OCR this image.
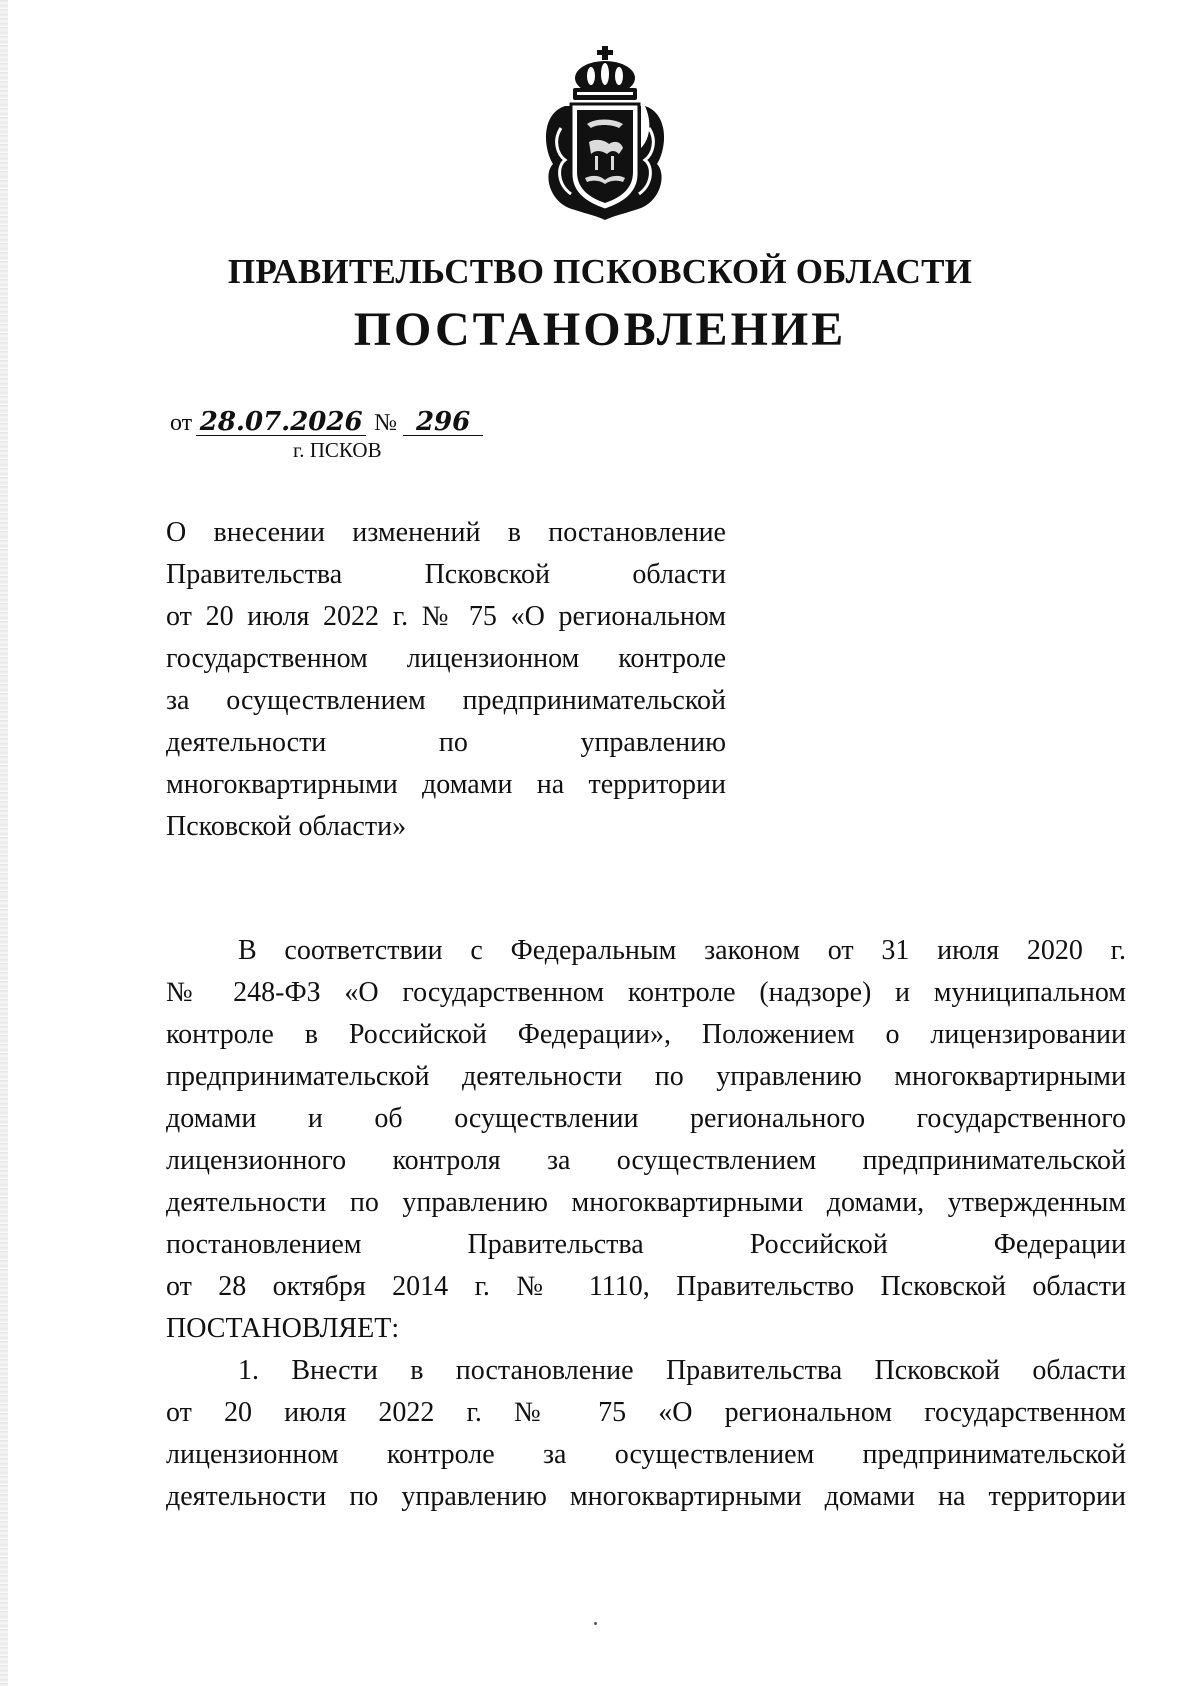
ПРАВИТЕЛЬСТВО ПСКОВСКОЙ ОБЛАСТИ
ПОСТАНОВЛЕНИЕ
от 28.07.2026 № 296
г. ПСКОВ
О внесении изменений в постановление
Правительства Псковской области
от 20 июля 2022 г. № 75 «О региональном
государственном лицензионном контроле
за осуществлением предпринимательской
деятельности по управлению
многоквартирными домами на территории
Псковской области»
В соответствии с Федеральным законом от 31 июля 2020 г.
№ 248-ФЗ «О государственном контроле (надзоре) и муниципальном
контроле в Российской Федерации», Положением о лицензировании
предпринимательской деятельности по управлению многоквартирными
домами и об осуществлении регионального государственного
лицензионного контроля за осуществлением предпринимательской
деятельности по управлению многоквартирными домами, утвержденным
постановлением Правительства Российской Федерации
от 28 октября 2014 г. № 1110, Правительство Псковской области
ПОСТАНОВЛЯЕТ:
1. Внести в постановление Правительства Псковской области
от 20 июля 2022 г. № 75 «О региональном государственном
лицензионном контроле за осуществлением предпринимательской
деятельности по управлению многоквартирными домами на территории
